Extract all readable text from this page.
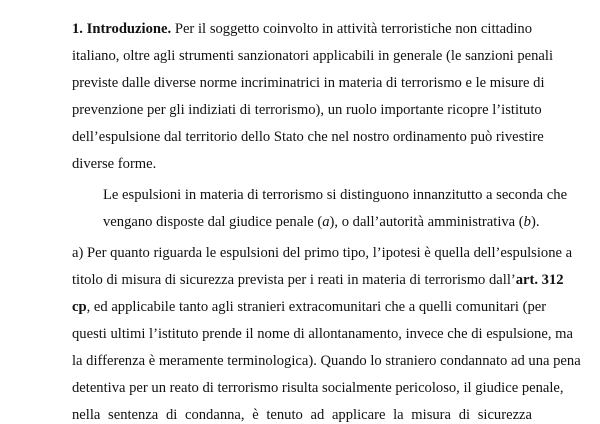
1. Introduzione. Per il soggetto coinvolto in attività terroristiche non cittadino
italiano, oltre agli strumenti sanzionatori applicabili in generale (le sanzioni penali
previste dalle diverse norme incriminatrici in materia di terrorismo e le misure di
prevenzione per gli indiziati di terrorismo), un ruolo importante ricopre l’istituto
dell’espulsione dal territorio dello Stato che nel nostro ordinamento può rivestire
diverse forme.
Le espulsioni in materia di terrorismo si distinguono innanzitutto a seconda che
vengano disposte dal giudice penale (a), o dall’autorità amministrativa (b).
a) Per quanto riguarda le espulsioni del primo tipo, l’ipotesi è quella dell’espulsione a
titolo di misura di sicurezza prevista per i reati in materia di terrorismo dall’art. 312
cp, ed applicabile tanto agli stranieri extracomunitari che a quelli comunitari (per
questi ultimi l’istituto prende il nome di allontanamento, invece che di espulsione, ma
la differenza è meramente terminologica). Quando lo straniero condannato ad una pena
detentiva per un reato di terrorismo risulta socialmente pericoloso, il giudice penale,
nella sentenza di condanna, è tenuto ad applicare la misura di sicurezza
